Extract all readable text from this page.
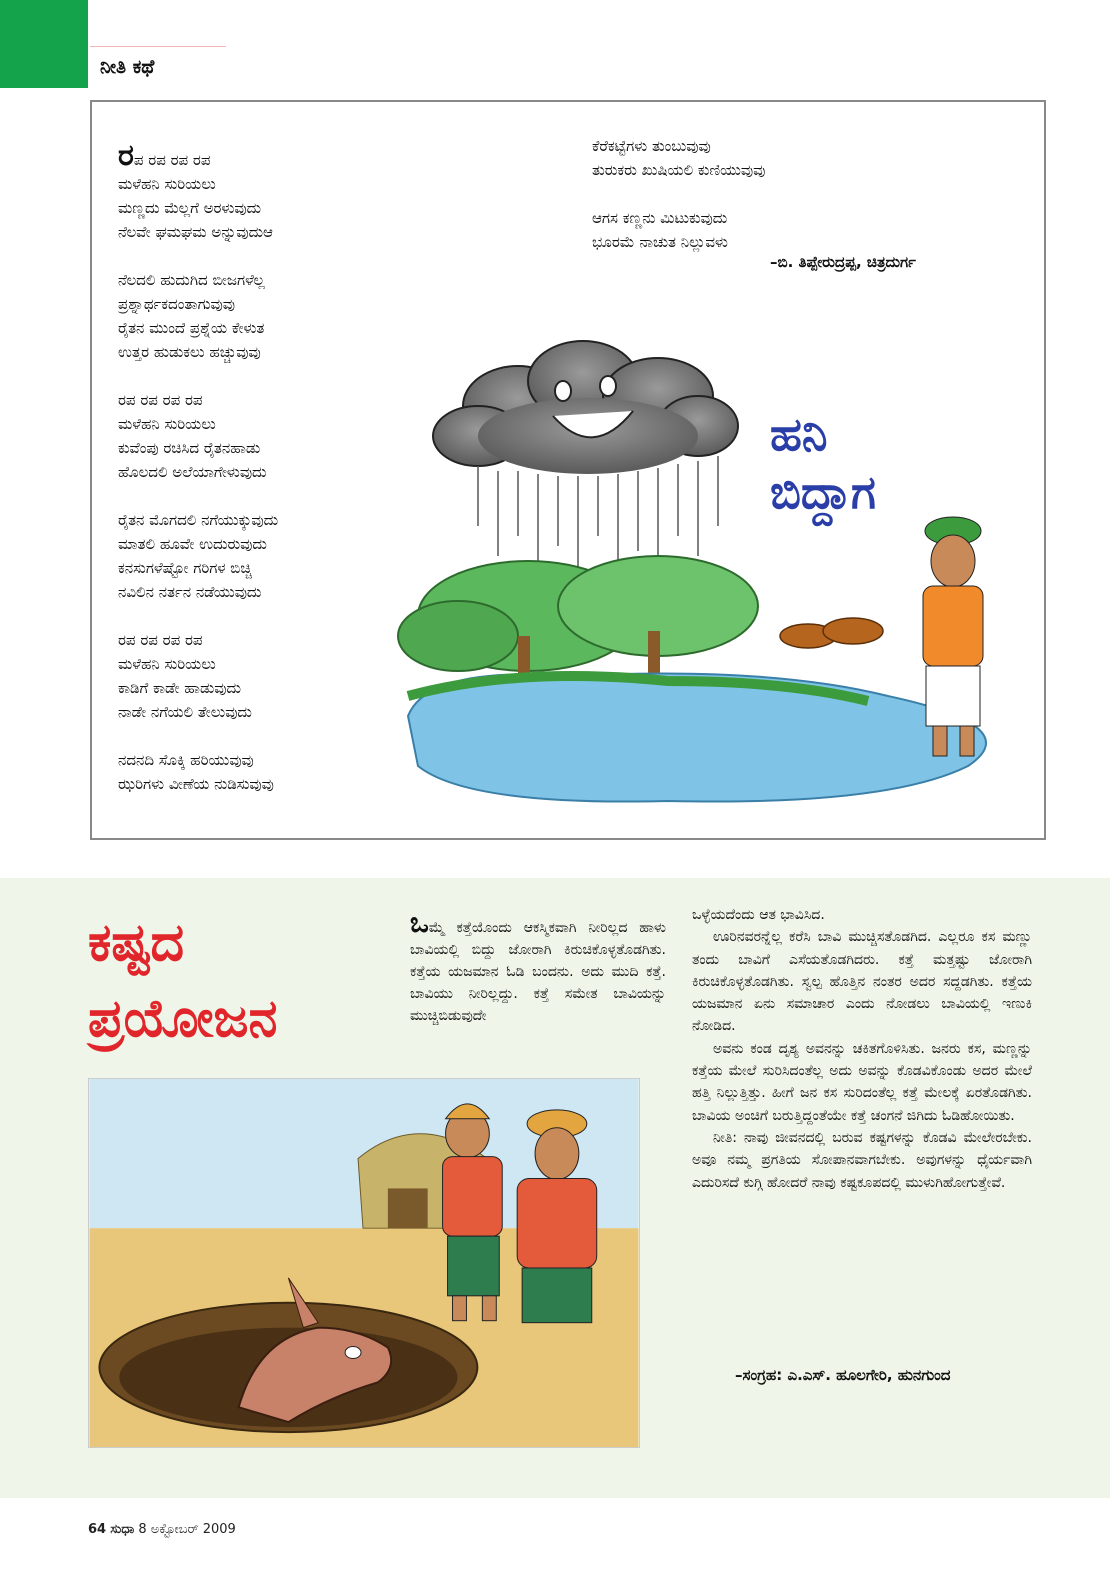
ನೀತಿ ಕಥೆ
ರಪ ರಪ ರಪ ರಪ
ಮಳೆಹನಿ ಸುರಿಯಲು
ಮಣ್ಣದು ಮೆಲ್ಲಗೆ ಅರಳುವುದು
ನೆಲವೇ ಘಮಘಮ ಅನ್ನುವುದುಆ
ನೆಲದಲಿ ಹುದುಗಿದ ಬೀಜಗಳೆಲ್ಲ
ಪ್ರಶ್ನಾರ್ಥಕದಂತಾಗುವುವು
ರೈತನ ಮುಂದೆ ಪ್ರಶ್ನೆಯ ಕೇಳುತ
ಉತ್ತರ ಹುಡುಕಲು ಹಚ್ಚುವುವು
ರಪ ರಪ ರಪ ರಪ
ಮಳೆಹನಿ ಸುರಿಯಲು
ಕುವೆಂಪು ರಚಿಸಿದ ರೈತನಹಾಡು
ಹೊಲದಲಿ ಅಲೆಯಾಗೇಳುವುದು
ರೈತನ ಮೊಗದಲಿ ನಗೆಯುಕ್ಕುವುದು
ಮಾತಲಿ ಹೂವೇ ಉದುರುವುದು
ಕನಸುಗಳೆಷ್ಟೋ ಗರಿಗಳ ಬಿಚ್ಚಿ
ನವಿಲಿನ ನರ್ತನ ನಡೆಯುವುದು
ರಪ ರಪ ರಪ ರಪ
ಮಳೆಹನಿ ಸುರಿಯಲು
ಕಾಡಿಗೆ ಕಾಡೇ ಹಾಡುವುದು
ನಾಡೇ ನಗೆಯಲಿ ತೇಲುವುದು
ನದನದಿ ಸೊಕ್ಕಿ ಹರಿಯುವುವು
ಝರಿಗಳು ವೀಣೆಯ ನುಡಿಸುವುವು
ಕೆರೆಕಟ್ಟೆಗಳು ತುಂಬುವುವು
ತುರುಕರು ಖುಷಿಯಲಿ ಕುಣಿಯುವುವು
ಆಗಸ ಕಣ್ಣನು ಮಿಟುಕುವುದು
ಭೂರಮೆ ನಾಚುತ ನಿಲ್ಲುವಳು
–ಬಿ. ತಿಪ್ಪೇರುದ್ರಪ್ಪ, ಚಿತ್ರದುರ್ಗ
ಹನಿ
ಬಿದ್ದಾಗ
ಕಷ್ಟದ
ಪ್ರಯೋಜನ
ಒಮ್ಮೆ ಕತ್ತೆಯೊಂದು ಆಕಸ್ಮಿಕವಾಗಿ ನೀರಿಲ್ಲದ ಹಾಳು ಬಾವಿಯಲ್ಲಿ ಬಿದ್ದು ಜೋರಾಗಿ ಕಿರುಚಿಕೊಳ್ಳತೊಡಗಿತು. ಕತ್ತೆಯ ಯಜಮಾನ ಓಡಿ ಬಂದನು. ಅದು ಮುದಿ ಕತ್ತೆ. ಬಾವಿಯು ನೀರಿಲ್ಲದ್ದು. ಕತ್ತೆ ಸಮೇತ ಬಾವಿಯನ್ನು ಮುಚ್ಚಿಬಿಡುವುದೇ

ಒಳ್ಳೆಯದೆಂದು ಆತ ಭಾವಿಸಿದ.

ಊರಿನವರನ್ನೆಲ್ಲ ಕರೆಸಿ ಬಾವಿ ಮುಚ್ಚಿಸತೊಡಗಿದ. ಎಲ್ಲರೂ ಕಸ ಮಣ್ಣು ತಂದು ಬಾವಿಗೆ ಎಸೆಯತೊಡಗಿದರು. ಕತ್ತೆ ಮತ್ತಷ್ಟು ಜೋರಾಗಿ ಕಿರುಚಿಕೊಳ್ಳತೊಡಗಿತು. ಸ್ವಲ್ಪ ಹೊತ್ತಿನ ನಂತರ ಅದರ ಸದ್ದಡಗಿತು. ಕತ್ತೆಯ ಯಜಮಾನ ಏನು ಸಮಾಚಾರ ಎಂದು ನೋಡಲು ಬಾವಿಯಲ್ಲಿ ಇಣುಕಿ ನೋಡಿದ.

ಅವನು ಕಂಡ ದೃಶ್ಯ ಅವನನ್ನು ಚಕಿತಗೊಳಿಸಿತು. ಜನರು ಕಸ, ಮಣ್ಣನ್ನು ಕತ್ತೆಯ ಮೇಲೆ ಸುರಿಸಿದಂತೆಲ್ಲ ಅದು ಅವನ್ನು ಕೊಡವಿಕೊಂಡು ಅದರ ಮೇಲೆ ಹತ್ತಿ ನಿಲ್ಲುತ್ತಿತ್ತು. ಹೀಗೆ ಜನ ಕಸ ಸುರಿದಂತೆಲ್ಲ ಕತ್ತೆ ಮೇಲಕ್ಕೆ ಏರತೊಡಗಿತು. ಬಾವಿಯ ಅಂಚಿಗೆ ಬರುತ್ತಿದ್ದಂತೆಯೇ ಕತ್ತೆ ಚಂಗನೆ ಜಿಗಿದು ಓಡಿಹೋಯಿತು.

ನೀತಿ: ನಾವು ಜೀವನದಲ್ಲಿ ಬರುವ ಕಷ್ಟಗಳನ್ನು ಕೊಡವಿ ಮೇಲೇರಬೇಕು. ಅವೂ ನಮ್ಮ ಪ್ರಗತಿಯ ಸೋಪಾನವಾಗಬೇಕು. ಅವುಗಳನ್ನು ಧೈರ್ಯವಾಗಿ ಎದುರಿಸದೆ ಕುಗ್ಗಿ ಹೋದರೆ ನಾವು ಕಷ್ಟಕೂಪದಲ್ಲಿ ಮುಳುಗಿಹೋಗುತ್ತೇವೆ.

–ಸಂಗ್ರಹ: ಎ.ಎಸ್. ಹೂಲಗೇರಿ, ಹುನಗುಂದ
64 ಸುಧಾ 8 ಅಕ್ಟೋಬರ್ 2009
